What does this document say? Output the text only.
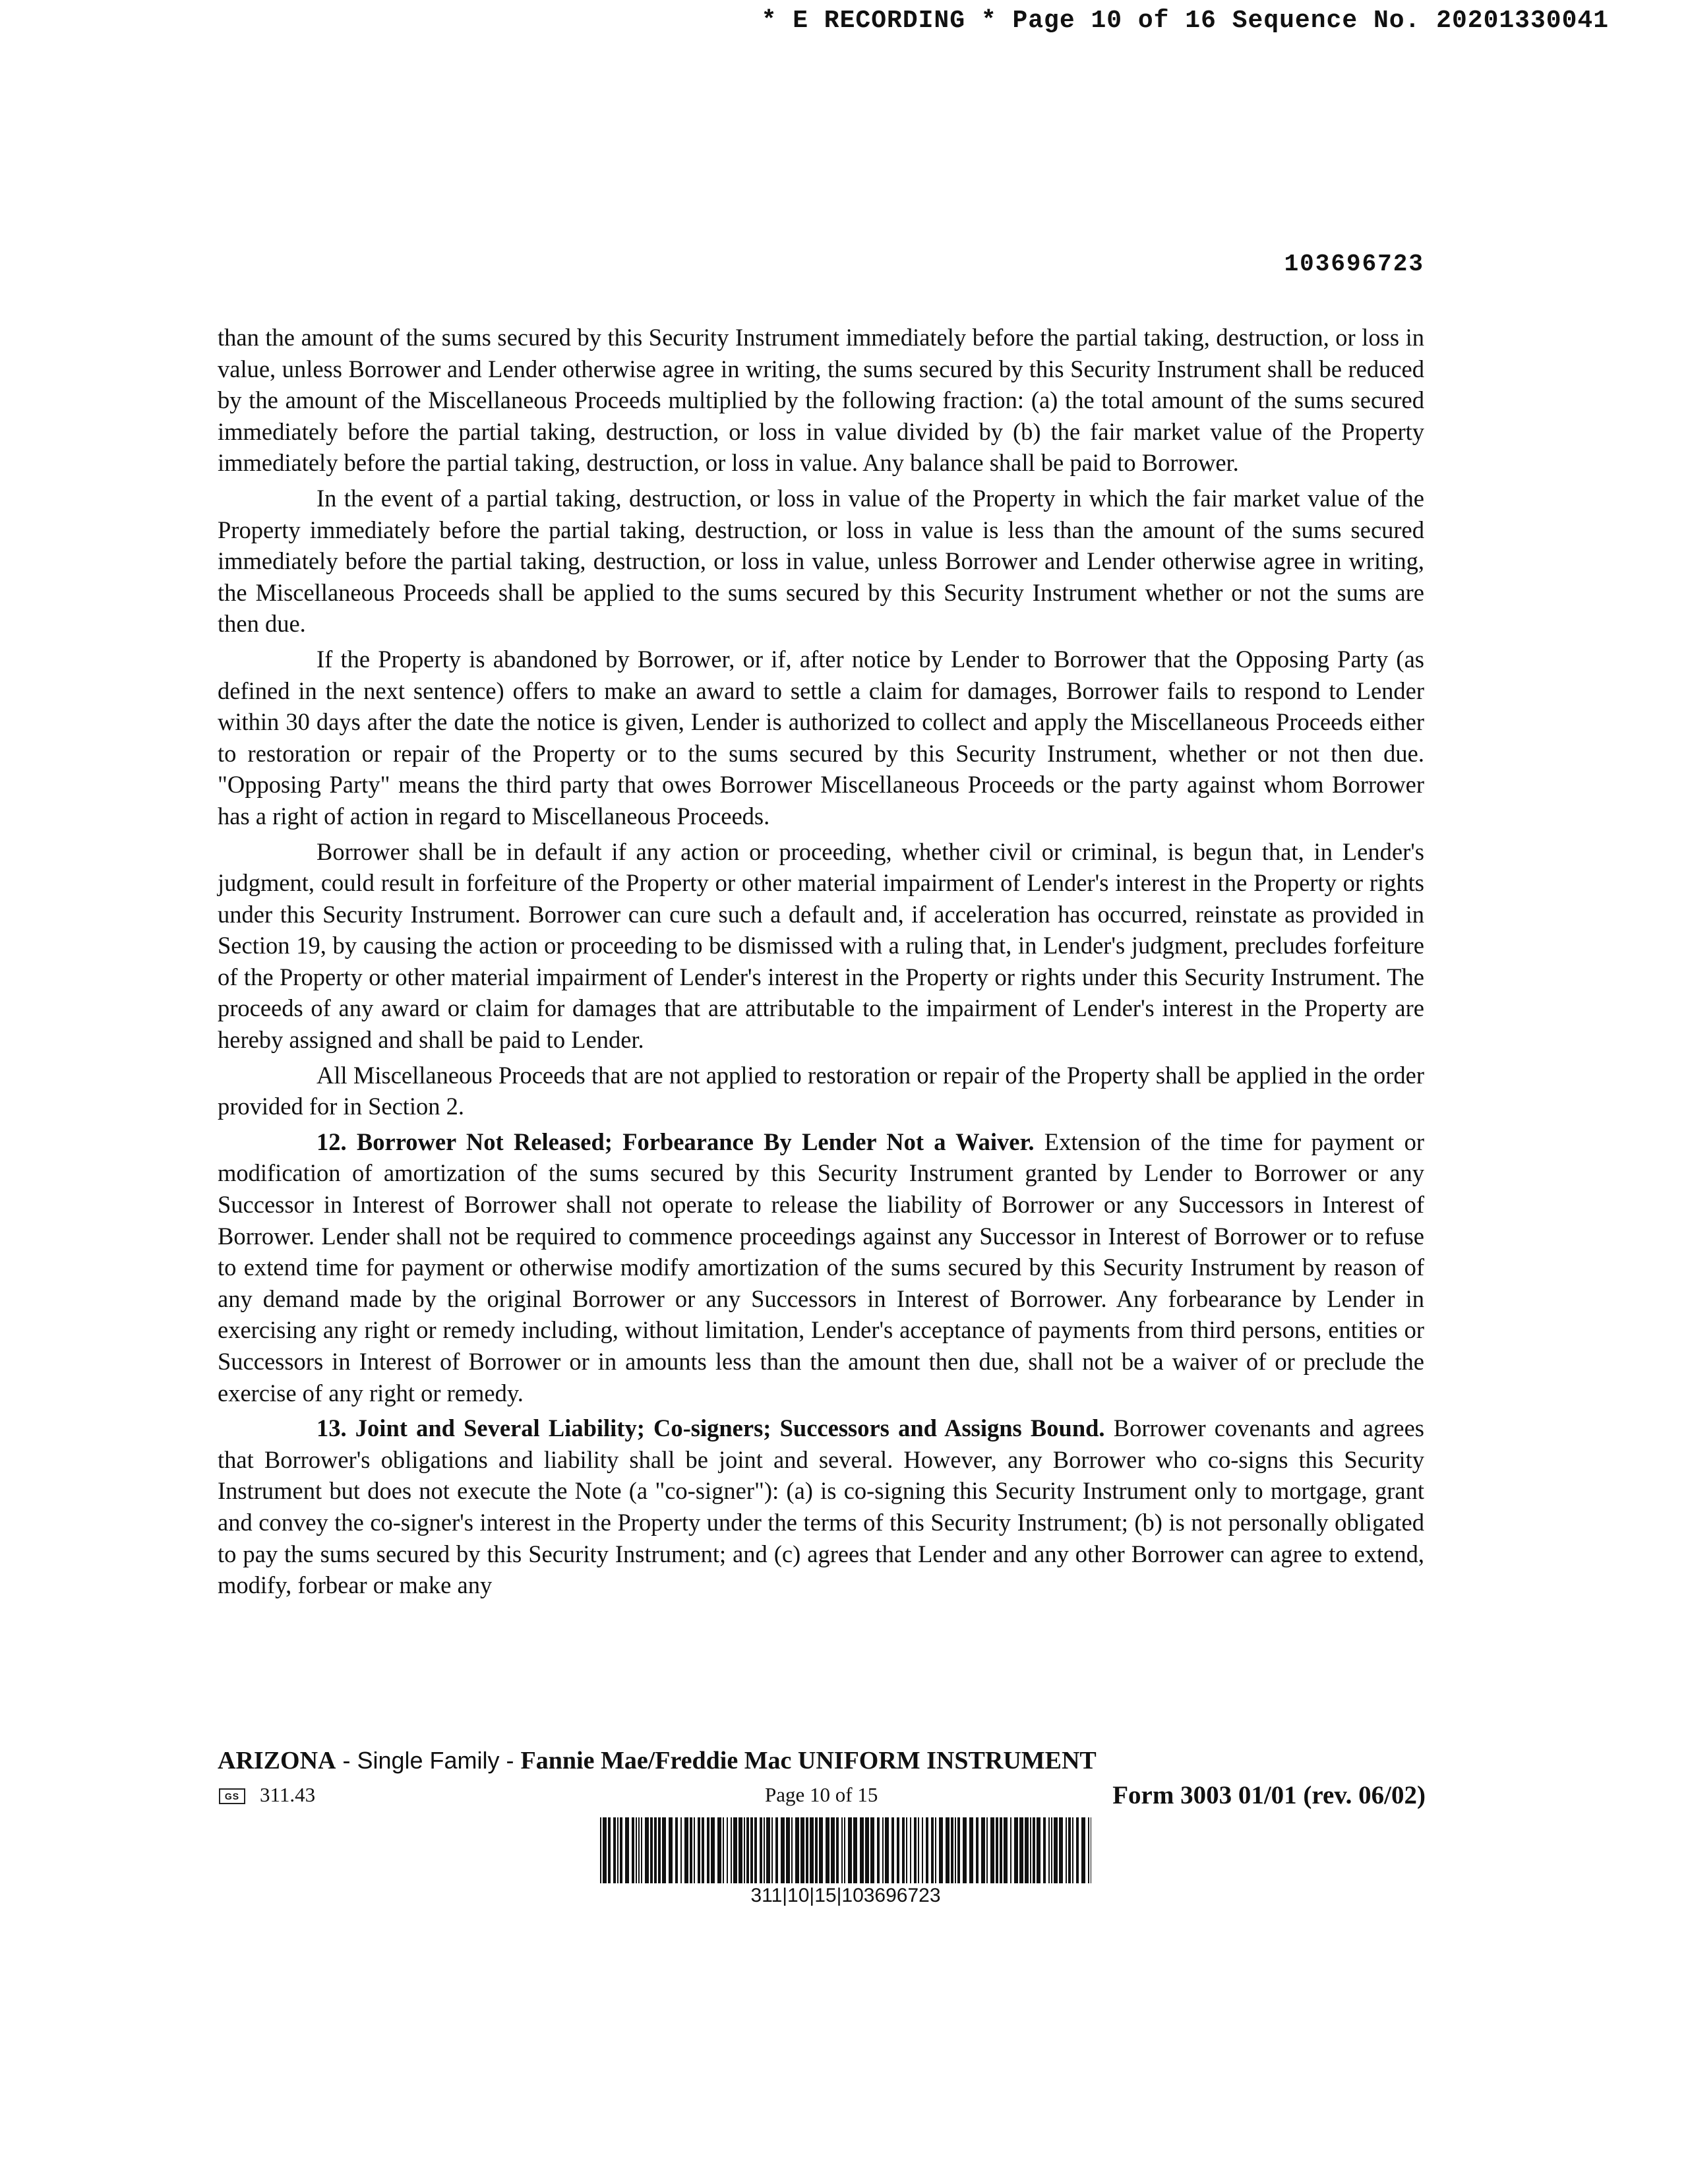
* E RECORDING * Page 10 of 16 Sequence No. 20201330041
103696723

than the amount of the sums secured by this Security Instrument immediately before the partial taking, destruction, or loss in value, unless Borrower and Lender otherwise agree in writing, the sums secured by this Security Instrument shall be reduced by the amount of the Miscellaneous Proceeds multiplied by the following fraction: (a) the total amount of the sums secured immediately before the partial taking, destruction, or loss in value divided by (b) the fair market value of the Property immediately before the partial taking, destruction, or loss in value. Any balance shall be paid to Borrower.

In the event of a partial taking, destruction, or loss in value of the Property in which the fair market value of the Property immediately before the partial taking, destruction, or loss in value is less than the amount of the sums secured immediately before the partial taking, destruction, or loss in value, unless Borrower and Lender otherwise agree in writing, the Miscellaneous Proceeds shall be applied to the sums secured by this Security Instrument whether or not the sums are then due.

If the Property is abandoned by Borrower, or if, after notice by Lender to Borrower that the Opposing Party (as defined in the next sentence) offers to make an award to settle a claim for damages, Borrower fails to respond to Lender within 30 days after the date the notice is given, Lender is authorized to collect and apply the Miscellaneous Proceeds either to restoration or repair of the Property or to the sums secured by this Security Instrument, whether or not then due. "Opposing Party" means the third party that owes Borrower Miscellaneous Proceeds or the party against whom Borrower has a right of action in regard to Miscellaneous Proceeds.

Borrower shall be in default if any action or proceeding, whether civil or criminal, is begun that, in Lender's judgment, could result in forfeiture of the Property or other material impairment of Lender's interest in the Property or rights under this Security Instrument. Borrower can cure such a default and, if acceleration has occurred, reinstate as provided in Section 19, by causing the action or proceeding to be dismissed with a ruling that, in Lender's judgment, precludes forfeiture of the Property or other material impairment of Lender's interest in the Property or rights under this Security Instrument. The proceeds of any award or claim for damages that are attributable to the impairment of Lender's interest in the Property are hereby assigned and shall be paid to Lender.

All Miscellaneous Proceeds that are not applied to restoration or repair of the Property shall be applied in the order provided for in Section 2.

12. Borrower Not Released; Forbearance By Lender Not a Waiver. Extension of the time for payment or modification of amortization of the sums secured by this Security Instrument granted by Lender to Borrower or any Successor in Interest of Borrower shall not operate to release the liability of Borrower or any Successors in Interest of Borrower. Lender shall not be required to commence proceedings against any Successor in Interest of Borrower or to refuse to extend time for payment or otherwise modify amortization of the sums secured by this Security Instrument by reason of any demand made by the original Borrower or any Successors in Interest of Borrower. Any forbearance by Lender in exercising any right or remedy including, without limitation, Lender's acceptance of payments from third persons, entities or Successors in Interest of Borrower or in amounts less than the amount then due, shall not be a waiver of or preclude the exercise of any right or remedy.

13. Joint and Several Liability; Co-signers; Successors and Assigns Bound. Borrower covenants and agrees that Borrower's obligations and liability shall be joint and several. However, any Borrower who co-signs this Security Instrument but does not execute the Note (a "co-signer"): (a) is co-signing this Security Instrument only to mortgage, grant and convey the co-signer's interest in the Property under the terms of this Security Instrument; (b) is not personally obligated to pay the sums secured by this Security Instrument; and (c) agrees that Lender and any other Borrower can agree to extend, modify, forbear or make any

ARIZONA - Single Family - Fannie Mae/Freddie Mac UNIFORM INSTRUMENT
GS 311.43	Page 10 of 15	Form 3003 01/01 (rev. 06/02)
311|10|15|103696723
